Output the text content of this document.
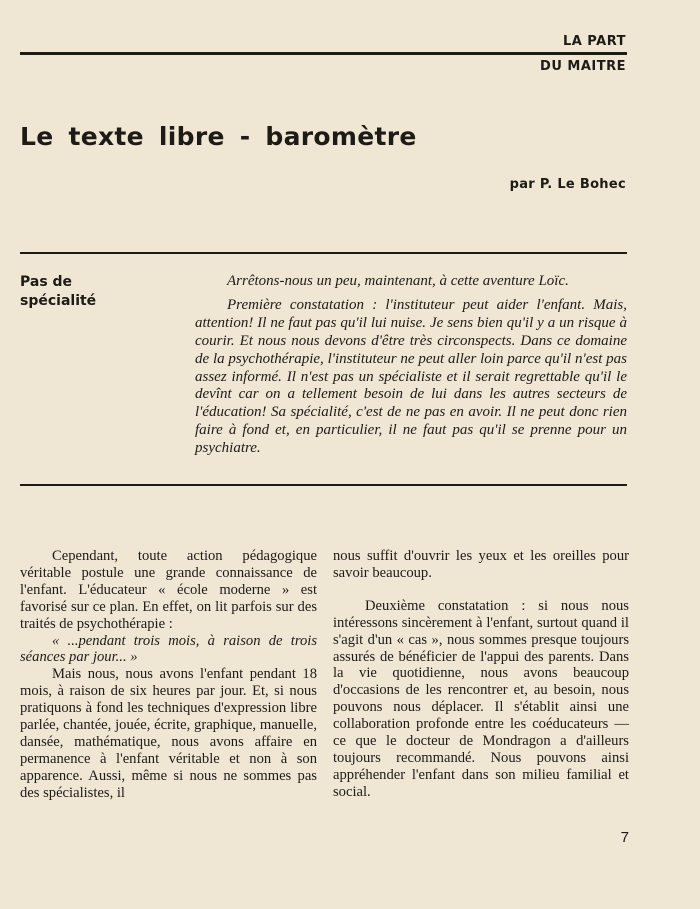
LA PART
DU MAITRE
Le texte libre - baromètre
par P. Le Bohec
Pas de
spécialité

Arrêtons-nous un peu, maintenant, à cette aventure Loïc.

Première constatation : l'instituteur peut aider l'enfant. Mais, attention! Il ne faut pas qu'il lui nuise. Je sens bien qu'il y a un risque à courir. Et nous nous devons d'être très circonspects. Dans ce domaine de la psychothérapie, l'instituteur ne peut aller loin parce qu'il n'est pas assez informé. Il n'est pas un spécialiste et il serait regrettable qu'il le devînt car on a tellement besoin de lui dans les autres secteurs de l'éducation! Sa spécialité, c'est de ne pas en avoir. Il ne peut donc rien faire à fond et, en particulier, il ne faut pas qu'il se prenne pour un psychiatre.

Cependant, toute action pédagogique véritable postule une grande connaissance de l'enfant. L'éducateur « école moderne » est favorisé sur ce plan. En effet, on lit parfois sur des traités de psychothérapie :

« ...pendant trois mois, à raison de trois séances par jour... »

Mais nous, nous avons l'enfant pendant 18 mois, à raison de six heures par jour. Et, si nous pratiquons à fond les techniques d'expression libre parlée, chantée, jouée, écrite, graphique, manuelle, dansée, mathématique, nous avons affaire en permanence à l'enfant véritable et non à son apparence. Aussi, même si nous ne sommes pas des spécialistes, il

nous suffit d'ouvrir les yeux et les oreilles pour savoir beaucoup.

Deuxième constatation : si nous nous intéressons sincèrement à l'enfant, surtout quand il s'agit d'un « cas », nous sommes presque toujours assurés de bénéficier de l'appui des parents. Dans la vie quotidienne, nous avons beaucoup d'occasions de les rencontrer et, au besoin, nous pouvons nous déplacer. Il s'établit ainsi une collaboration profonde entre les coéducateurs — ce que le docteur de Mondragon a d'ailleurs toujours recommandé. Nous pouvons ainsi appréhender l'enfant dans son milieu familial et social.

7
